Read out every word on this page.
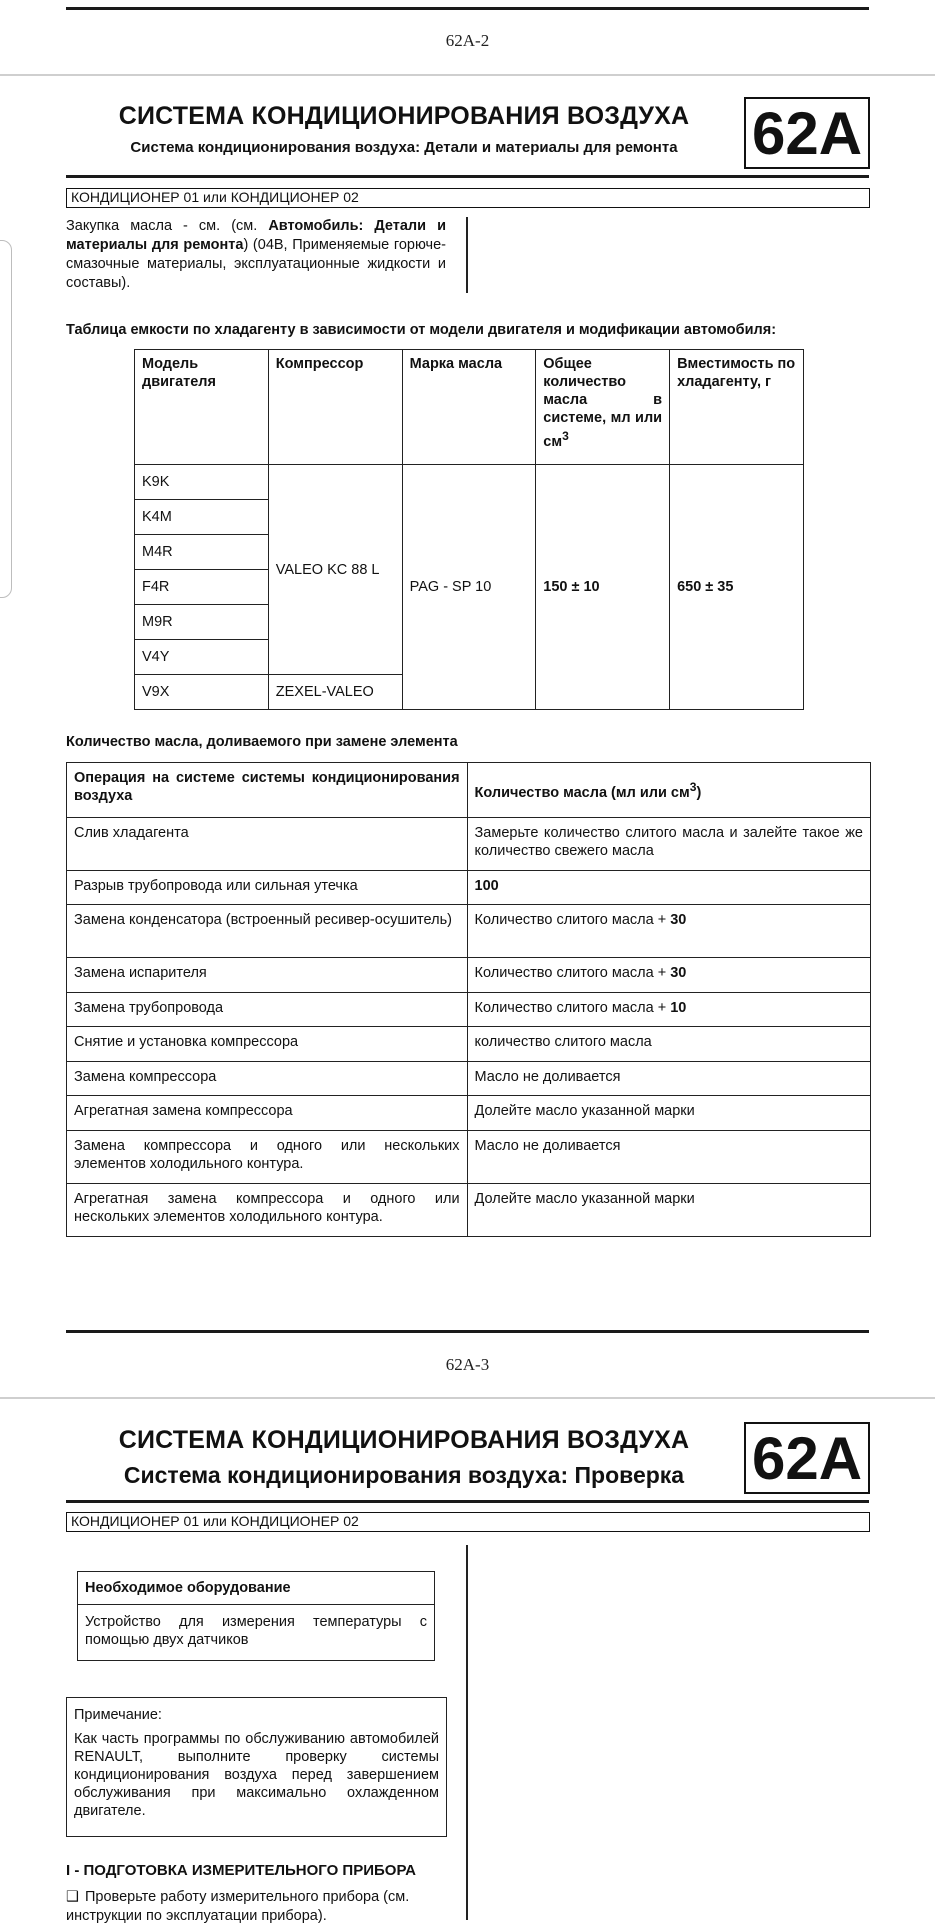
62A-2
СИСТЕМА КОНДИЦИОНИРОВАНИЯ ВОЗДУХА
Система кондиционирования воздуха: Детали и материалы для ремонта	62A
КОНДИЦИОНЕР 01 или КОНДИЦИОНЕР 02
Закупка масла - см. (см. Автомобиль: Детали и материалы для ремонта) (04B, Применяемые горюче-смазочные материалы, эксплуатационные жидкости и составы).
Таблица емкости по хладагенту в зависимости от модели двигателя и модификации автомобиля:
Модель двигателя	Компрессор	Марка масла	Общее количество масла в системе, мл или $см^3$	Вместимость по хладагенту, г
K9K	VALEO KC 88 L	PAG - SP 10	150 ± 10	650 ± 35
K4M				
M4R				
F4R				
M9R				
V4Y				
V9X	ZEXEL-VALEO			
Количество масла, доливаемого при замене элемента
Операция на системе системы кондиционирования воздуха	Количество масла (мл или $см^3$)
Слив хладагента	Замерьте количество слитого масла и залейте такое же количество свежего масла
Разрыв трубопровода или сильная утечка	100
Замена конденсатора (встроенный ресивер-осушитель)	Количество слитого масла + 30
Замена испарителя	Количество слитого масла + 30
Замена трубопровода	Количество слитого масла + 10
Снятие и установка компрессора	количество слитого масла
Замена компрессора	Масло не доливается
Агрегатная замена компрессора	Долейте масло указанной марки
Замена компрессора и одного или нескольких элементов холодильного контура.	Масло не доливается
Агрегатная замена компрессора и одного или нескольких элементов холодильного контура.	Долейте масло указанной марки
62A-3
СИСТЕМА КОНДИЦИОНИРОВАНИЯ ВОЗДУХА
Система кондиционирования воздуха: Проверка	62A
КОНДИЦИОНЕР 01 или КОНДИЦИОНЕР 02
Необходимое оборудование
Устройство для измерения температуры с помощью двух датчиков
Примечание:
Как часть программы по обслуживанию автомобилей RENAULT, выполните проверку системы кондиционирования воздуха перед завершением обслуживания при максимально охлажденном двигателе.
I - ПОДГОТОВКА ИЗМЕРИТЕЛЬНОГО ПРИБОРА
❑ Проверьте работу измерительного прибора (см. инструкции по эксплуатации прибора).
